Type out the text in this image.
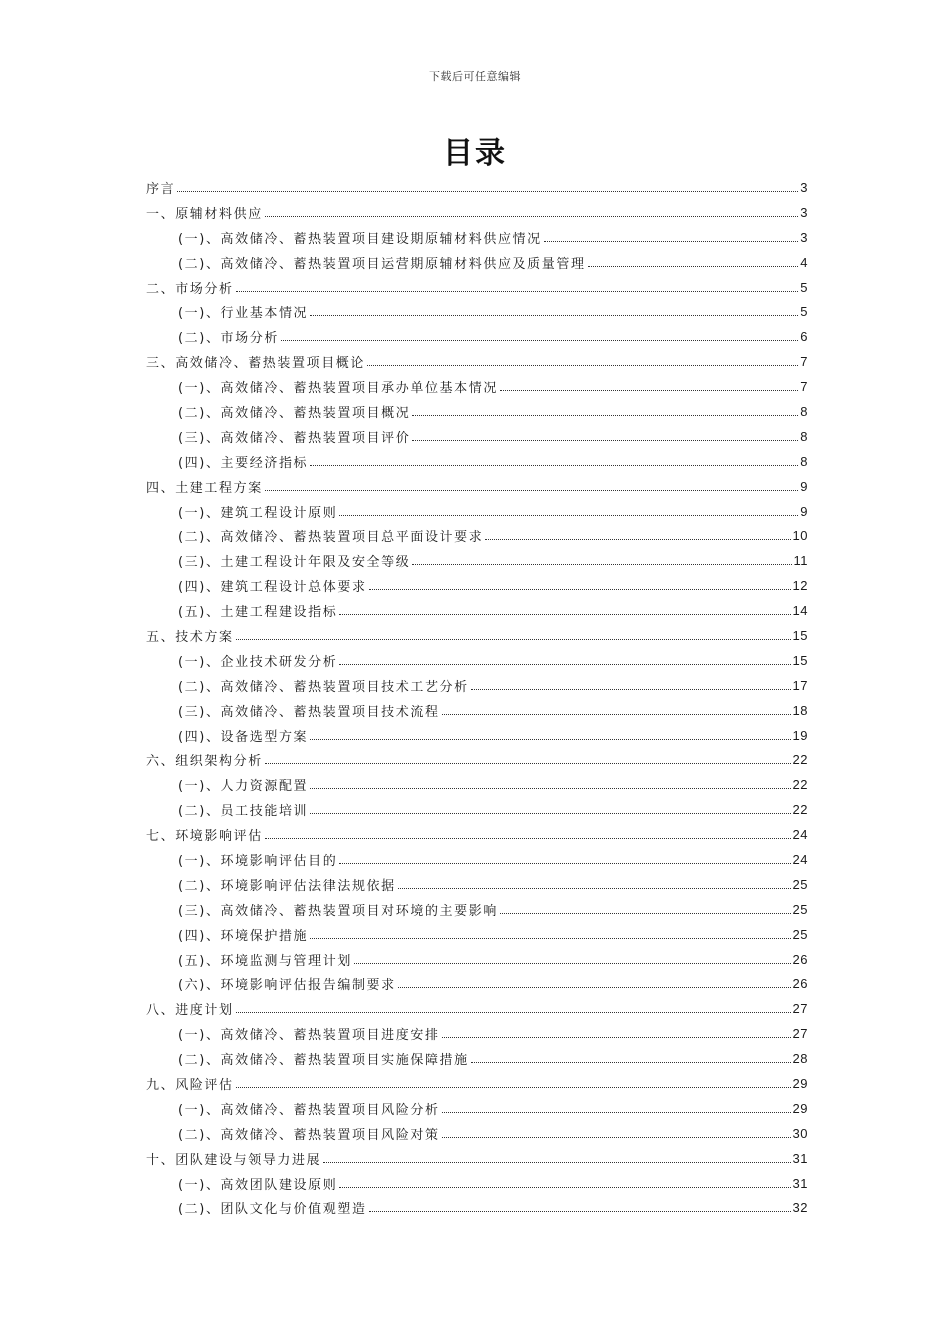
下载后可任意编辑
目录
序言	3
一、原辅材料供应	3
(一)、高效储冷、蓄热装置项目建设期原辅材料供应情况	3
(二)、高效储冷、蓄热装置项目运营期原辅材料供应及质量管理	4
二、市场分析	5
(一)、行业基本情况	5
(二)、市场分析	6
三、高效储冷、蓄热装置项目概论	7
(一)、高效储冷、蓄热装置项目承办单位基本情况	7
(二)、高效储冷、蓄热装置项目概况	8
(三)、高效储冷、蓄热装置项目评价	8
(四)、主要经济指标	8
四、土建工程方案	9
(一)、建筑工程设计原则	9
(二)、高效储冷、蓄热装置项目总平面设计要求	10
(三)、土建工程设计年限及安全等级	11
(四)、建筑工程设计总体要求	12
(五)、土建工程建设指标	14
五、技术方案	15
(一)、企业技术研发分析	15
(二)、高效储冷、蓄热装置项目技术工艺分析	17
(三)、高效储冷、蓄热装置项目技术流程	18
(四)、设备选型方案	19
六、组织架构分析	22
(一)、人力资源配置	22
(二)、员工技能培训	22
七、环境影响评估	24
(一)、环境影响评估目的	24
(二)、环境影响评估法律法规依据	25
(三)、高效储冷、蓄热装置项目对环境的主要影响	25
(四)、环境保护措施	25
(五)、环境监测与管理计划	26
(六)、环境影响评估报告编制要求	26
八、进度计划	27
(一)、高效储冷、蓄热装置项目进度安排	27
(二)、高效储冷、蓄热装置项目实施保障措施	28
九、风险评估	29
(一)、高效储冷、蓄热装置项目风险分析	29
(二)、高效储冷、蓄热装置项目风险对策	30
十、团队建设与领导力进展	31
(一)、高效团队建设原则	31
(二)、团队文化与价值观塑造	32
